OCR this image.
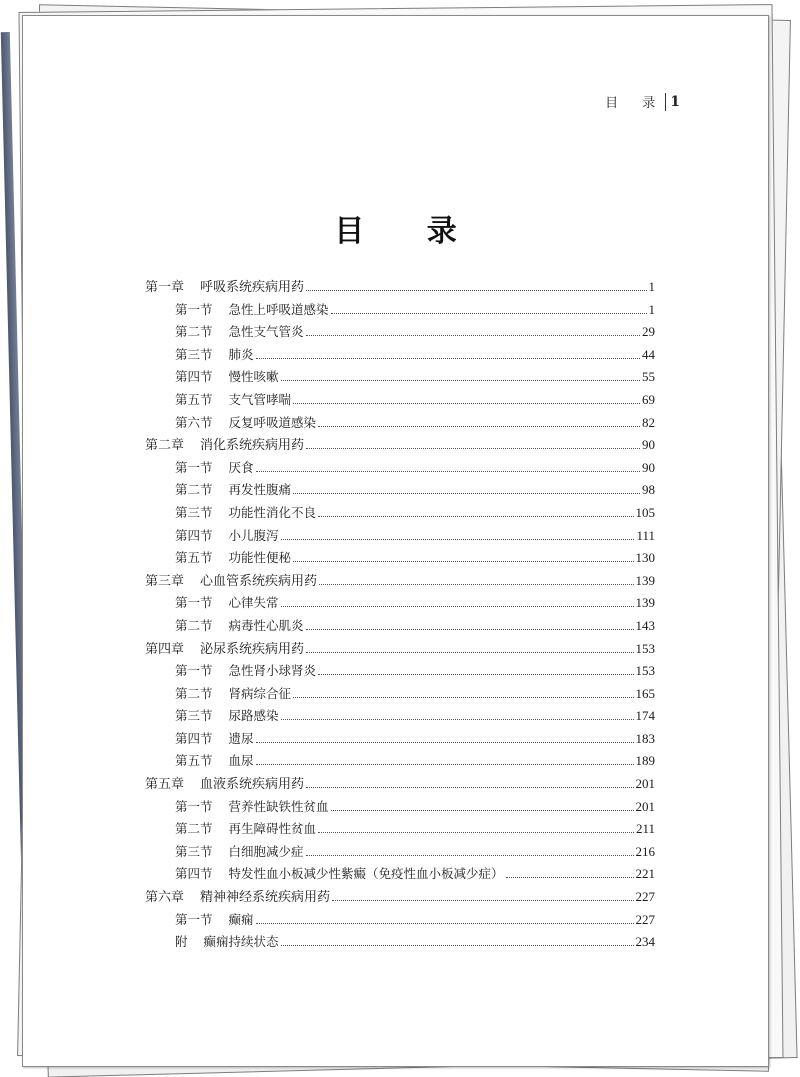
目 录 1
目 录
第一章 呼吸系统疾病用药	1
第一节 急性上呼吸道感染	1
第二节 急性支气管炎	29
第三节 肺炎	44
第四节 慢性咳嗽	55
第五节 支气管哮喘	69
第六节 反复呼吸道感染	82
第二章 消化系统疾病用药	90
第一节 厌食	90
第二节 再发性腹痛	98
第三节 功能性消化不良	105
第四节 小儿腹泻	111
第五节 功能性便秘	130
第三章 心血管系统疾病用药	139
第一节 心律失常	139
第二节 病毒性心肌炎	143
第四章 泌尿系统疾病用药	153
第一节 急性肾小球肾炎	153
第二节 肾病综合征	165
第三节 尿路感染	174
第四节 遗尿	183
第五节 血尿	189
第五章 血液系统疾病用药	201
第一节 营养性缺铁性贫血	201
第二节 再生障碍性贫血	211
第三节 白细胞减少症	216
第四节 特发性血小板减少性紫癜（免疫性血小板减少症）	221
第六章 精神神经系统疾病用药	227
第一节 癫痫	227
附 癫痫持续状态	234
